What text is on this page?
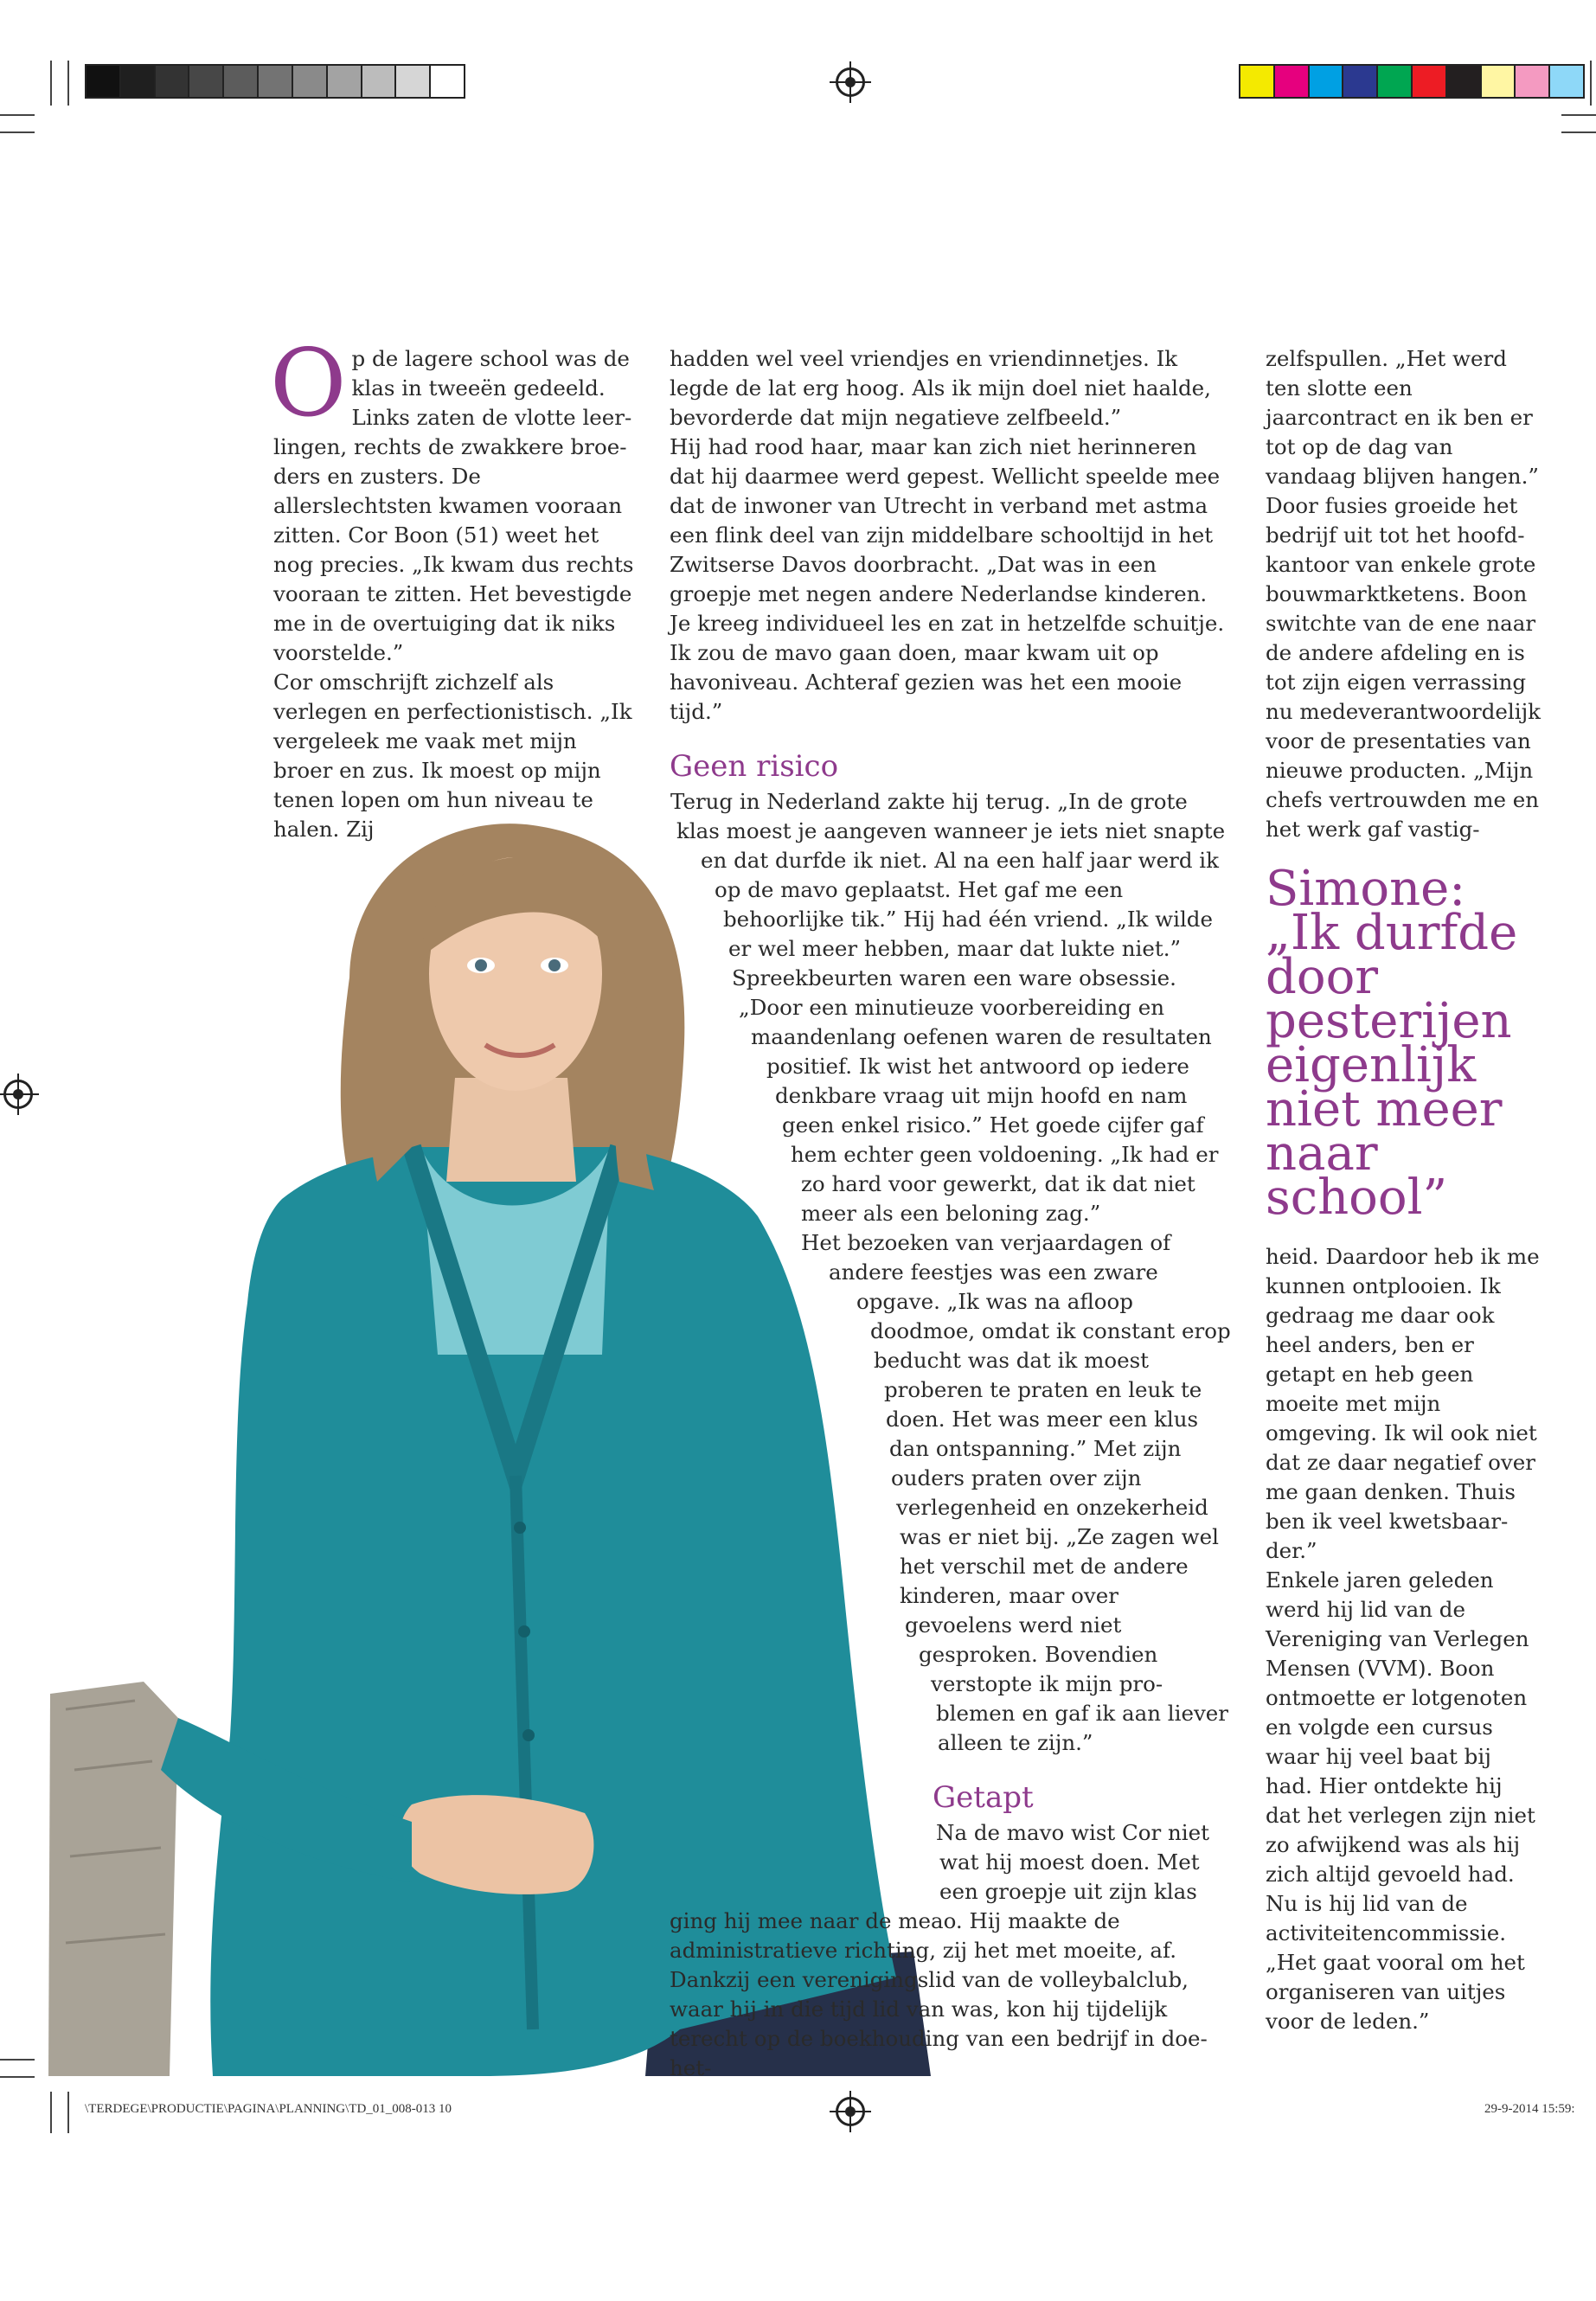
O p de lagere school was de klas in tweeën gedeeld. Links zaten de vlotte leerlingen, rechts de zwakkere broeders en zusters. De allerslechtsten kwamen vooraan zitten. Cor Boon (51) weet het nog precies. „Ik kwam dus rechts vooraan te zitten. Het bevestigde me in de overtuiging dat ik niks voorstelde.”

Cor omschrijft zichzelf als verlegen en perfectionistisch. „Ik vergeleek me vaak met mijn broer en zus. Ik moest op mijn tenen lopen om hun niveau te halen. Zij

hadden wel veel vriendjes en vriendinnetjes. Ik legde de lat erg hoog. Als ik mijn doel niet haalde, bevorderde dat mijn negatieve zelfbeeld.”

Hij had rood haar, maar kan zich niet herinneren dat hij daarmee werd gepest. Wellicht speelde mee dat de inwoner van Utrecht in verband met astma een flink deel van zijn middelbare schooltijd in het Zwitserse Davos doorbracht. „Dat was in een groepje met negen andere Nederlandse kinderen. Je kreeg individueel les en zat in hetzelfde schuitje. Ik zou de mavo gaan doen, maar kwam uit op havoniveau. Achteraf gezien was het een mooie tijd.”

Geen risico

Terug in Nederland zakte hij terug. „In de grote klas moest je aangeven wanneer je iets niet snapte en dat durfde ik niet. Al na een half jaar werd ik op de mavo geplaatst. Het gaf me een behoorlijke tik.” Hij had één vriend. „Ik wilde er wel meer hebben, maar dat lukte niet.”

Spreekbeurten waren een ware obsessie. „Door een minutieuze voorbereiding en maandenlang oefenen waren de resultaten positief. Ik wist het antwoord op iedere denkbare vraag uit mijn hoofd en nam geen enkel risico.” Het goede cijfer gaf hem echter geen voldoening. „Ik had er zo hard voor gewerkt, dat ik dat niet meer als een beloning zag.”

Het bezoeken van verjaardagen of andere feestjes was een zware opgave. „Ik was na afloop doodmoe, omdat ik constant erop beducht was dat ik moest proberen te praten en leuk te doen. Het was meer een klus dan ontspanning.” Met zijn ouders praten over zijn verlegenheid en onzekerheid was er niet bij. „Ze zagen wel het verschil met de andere kinderen, maar over gevoelens werd niet gesproken. Bovendien verstopte ik mijn problemen en gaf ik aan liever alleen te zijn.”

Getapt

Na de mavo wist Cor niet wat hij moest doen. Met een groepje uit zijn klas ging hij mee naar de meao. Hij maakte de administratieve richting, zij het met moeite, af. Dankzij een verenigingslid van de volleybalclub, waar hij in die tijd lid van was, kon hij tijdelijk terecht op de boekhouding van een bedrijf in doe-het-

zelfspullen. „Het werd ten slotte een jaarcontract en ik ben er tot op de dag van vandaag blijven hangen.”

Door fusies groeide het bedrijf uit tot het hoofdkantoor van enkele grote bouwmarktketens. Boon switchte van de ene naar de andere afdeling en is tot zijn eigen verrassing nu medeverantwoordelijk voor de presentaties van nieuwe producten. „Mijn chefs vertrouwden me en het werk gaf vastig-

Simone: „Ik durfde door pesterijen eigenlijk niet meer naar school”

heid. Daardoor heb ik me kunnen ontplooien. Ik gedraag me daar ook heel anders, ben er getapt en heb geen moeite met mijn omgeving. Ik wil ook niet dat ze daar negatief over me gaan denken. Thuis ben ik veel kwetsbaarder.”

Enkele jaren geleden werd hij lid van de Vereniging van Verlegen Mensen (VVM). Boon ontmoette er lotgenoten en volgde een cursus waar hij veel baat bij had. Hier ontdekte hij dat het verlegen zijn niet zo afwijkend was als hij zich altijd gevoeld had. Nu is hij lid van de activiteitencommissie. „Het gaat vooral om het organiseren van uitjes voor de leden.”

\TERDEGE\PRODUCTIE\PAGINA\PLANNING\TD_01_008-013 10	29-9-2014 15:59:
